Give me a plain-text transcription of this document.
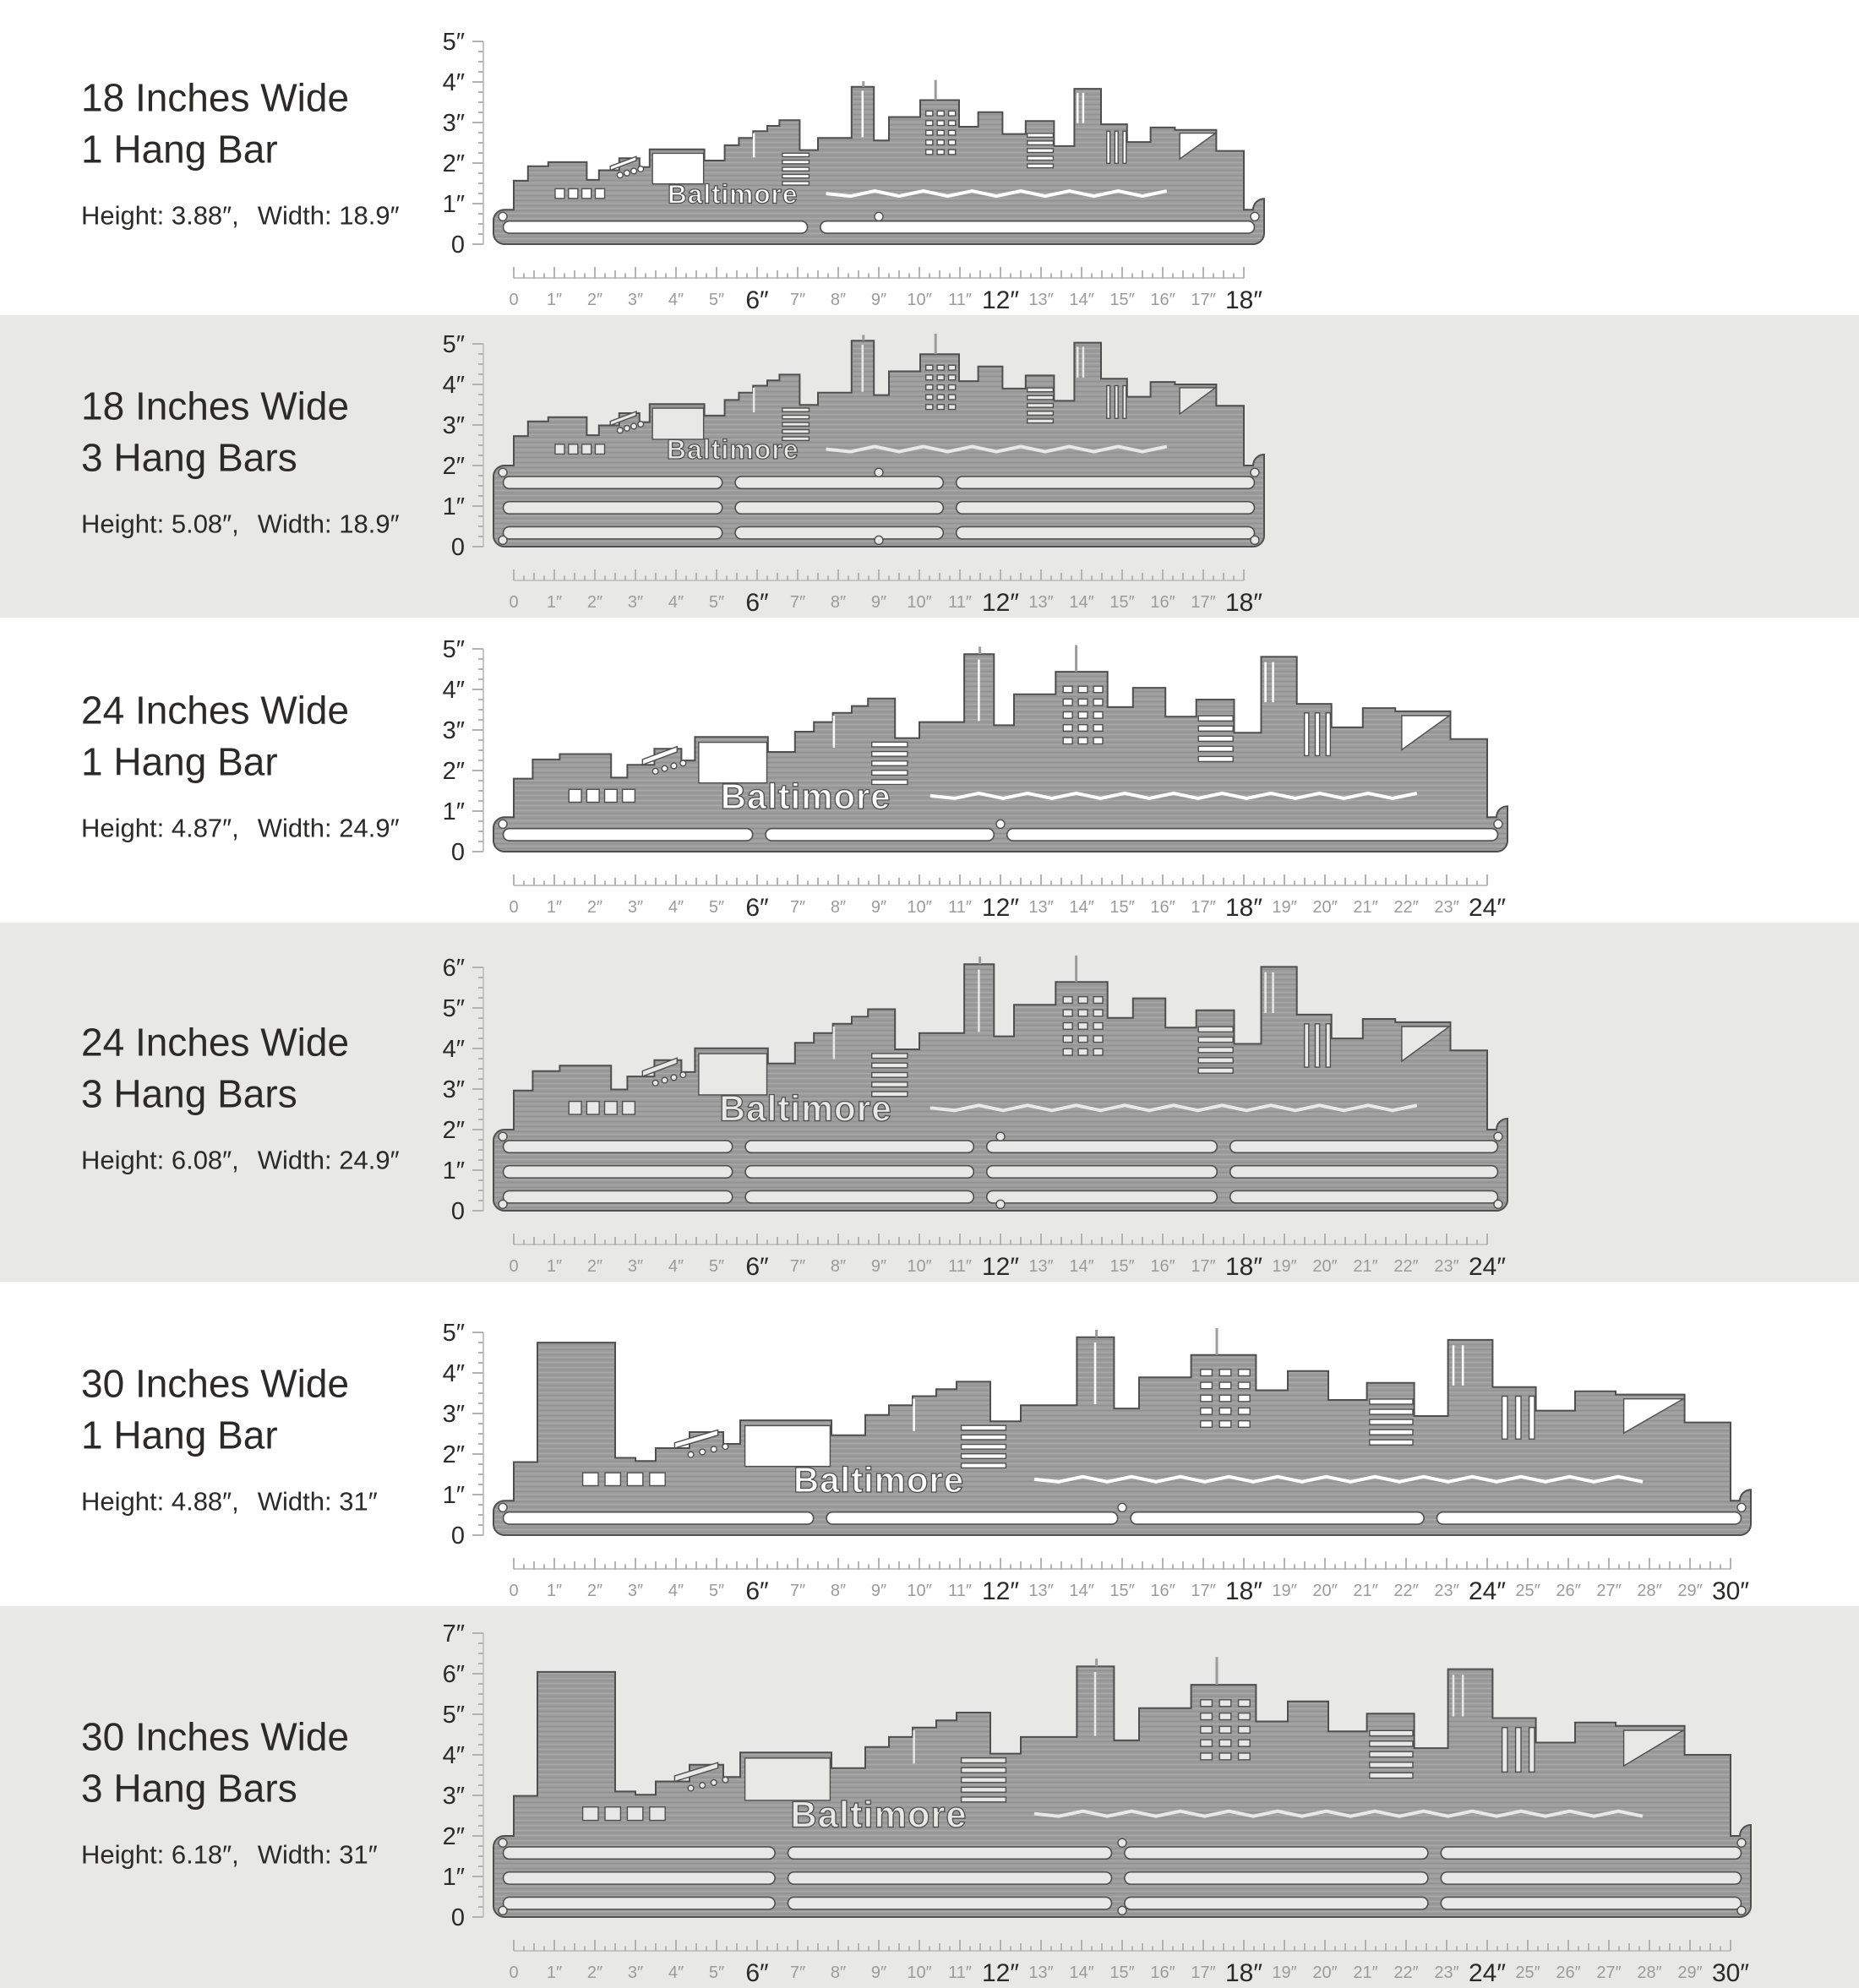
18 Inches Wide
1 Hang Bar
Height: 3.88″, Width: 18.9″
0
1″
2″
3″
4″
5″
0 1″ 2″ 3″ 4″ 5″ 6″ 7″ 8″ 9″ 10″ 11″ 12″ 13″ 14″ 15″ 16″ 17″ 18″
Baltimore
18 Inches Wide
3 Hang Bars
Height: 5.08″, Width: 18.9″
0
1″
2″
3″
4″
5″
0 1″ 2″ 3″ 4″ 5″ 6″ 7″ 8″ 9″ 10″ 11″ 12″ 13″ 14″ 15″ 16″ 17″ 18″
Baltimore
24 Inches Wide
1 Hang Bar
Height: 4.87″, Width: 24.9″
0
1″
2″
3″
4″
5″
0 1″ 2″ 3″ 4″ 5″ 6″ 7″ 8″ 9″ 10″ 11″ 12″ 13″ 14″ 15″ 16″ 17″ 18″ 19″ 20″ 21″ 22″ 23″ 24″
Baltimore
24 Inches Wide
3 Hang Bars
Height: 6.08″, Width: 24.9″
0
1″
2″
3″
4″
5″
6″
0 1″ 2″ 3″ 4″ 5″ 6″ 7″ 8″ 9″ 10″ 11″ 12″ 13″ 14″ 15″ 16″ 17″ 18″ 19″ 20″ 21″ 22″ 23″ 24″
Baltimore
30 Inches Wide
1 Hang Bar
Height: 4.88″, Width: 31″
0
1″
2″
3″
4″
5″
0 1″ 2″ 3″ 4″ 5″ 6″ 7″ 8″ 9″ 10″ 11″ 12″ 13″ 14″ 15″ 16″ 17″ 18″ 19″ 20″ 21″ 22″ 23″ 24″ 25″ 26″ 27″ 28″ 29″ 30″
Baltimore
30 Inches Wide
3 Hang Bars
Height: 6.18″, Width: 31″
0
1″
2″
3″
4″
5″
6″
7″
0 1″ 2″ 3″ 4″ 5″ 6″ 7″ 8″ 9″ 10″ 11″ 12″ 13″ 14″ 15″ 16″ 17″ 18″ 19″ 20″ 21″ 22″ 23″ 24″ 25″ 26″ 27″ 28″ 29″ 30″
Baltimore
